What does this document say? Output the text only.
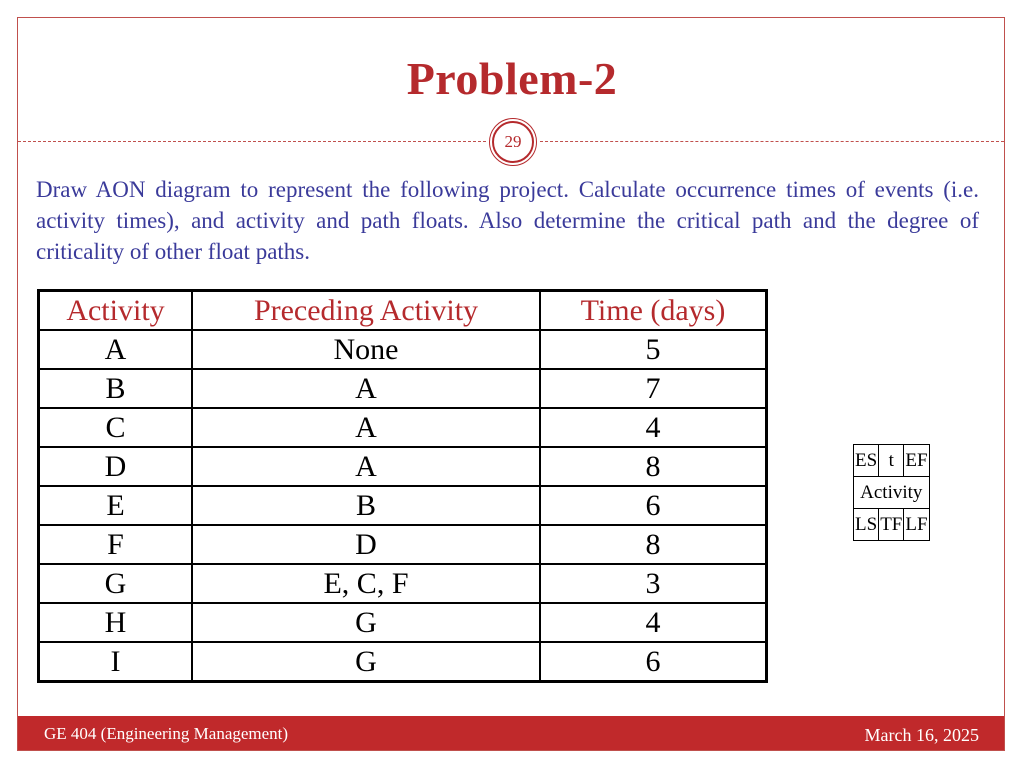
Problem-2
29
Draw AON diagram to represent the following project. Calculate occurrence times of events (i.e. activity times), and activity and path floats. Also determine the critical path and the degree of criticality of other float paths.
Activity	Preceding Activity	Time (days)
A	None	5
B	A	7
C	A	4
D	A	8
E	B	6
F	D	8
G	E, C, F	3
H	G	4
I	G	6
ES	t	EF
Activity		
LS	TF	LF
GE 404 (Engineering Management)	March 16, 2025
